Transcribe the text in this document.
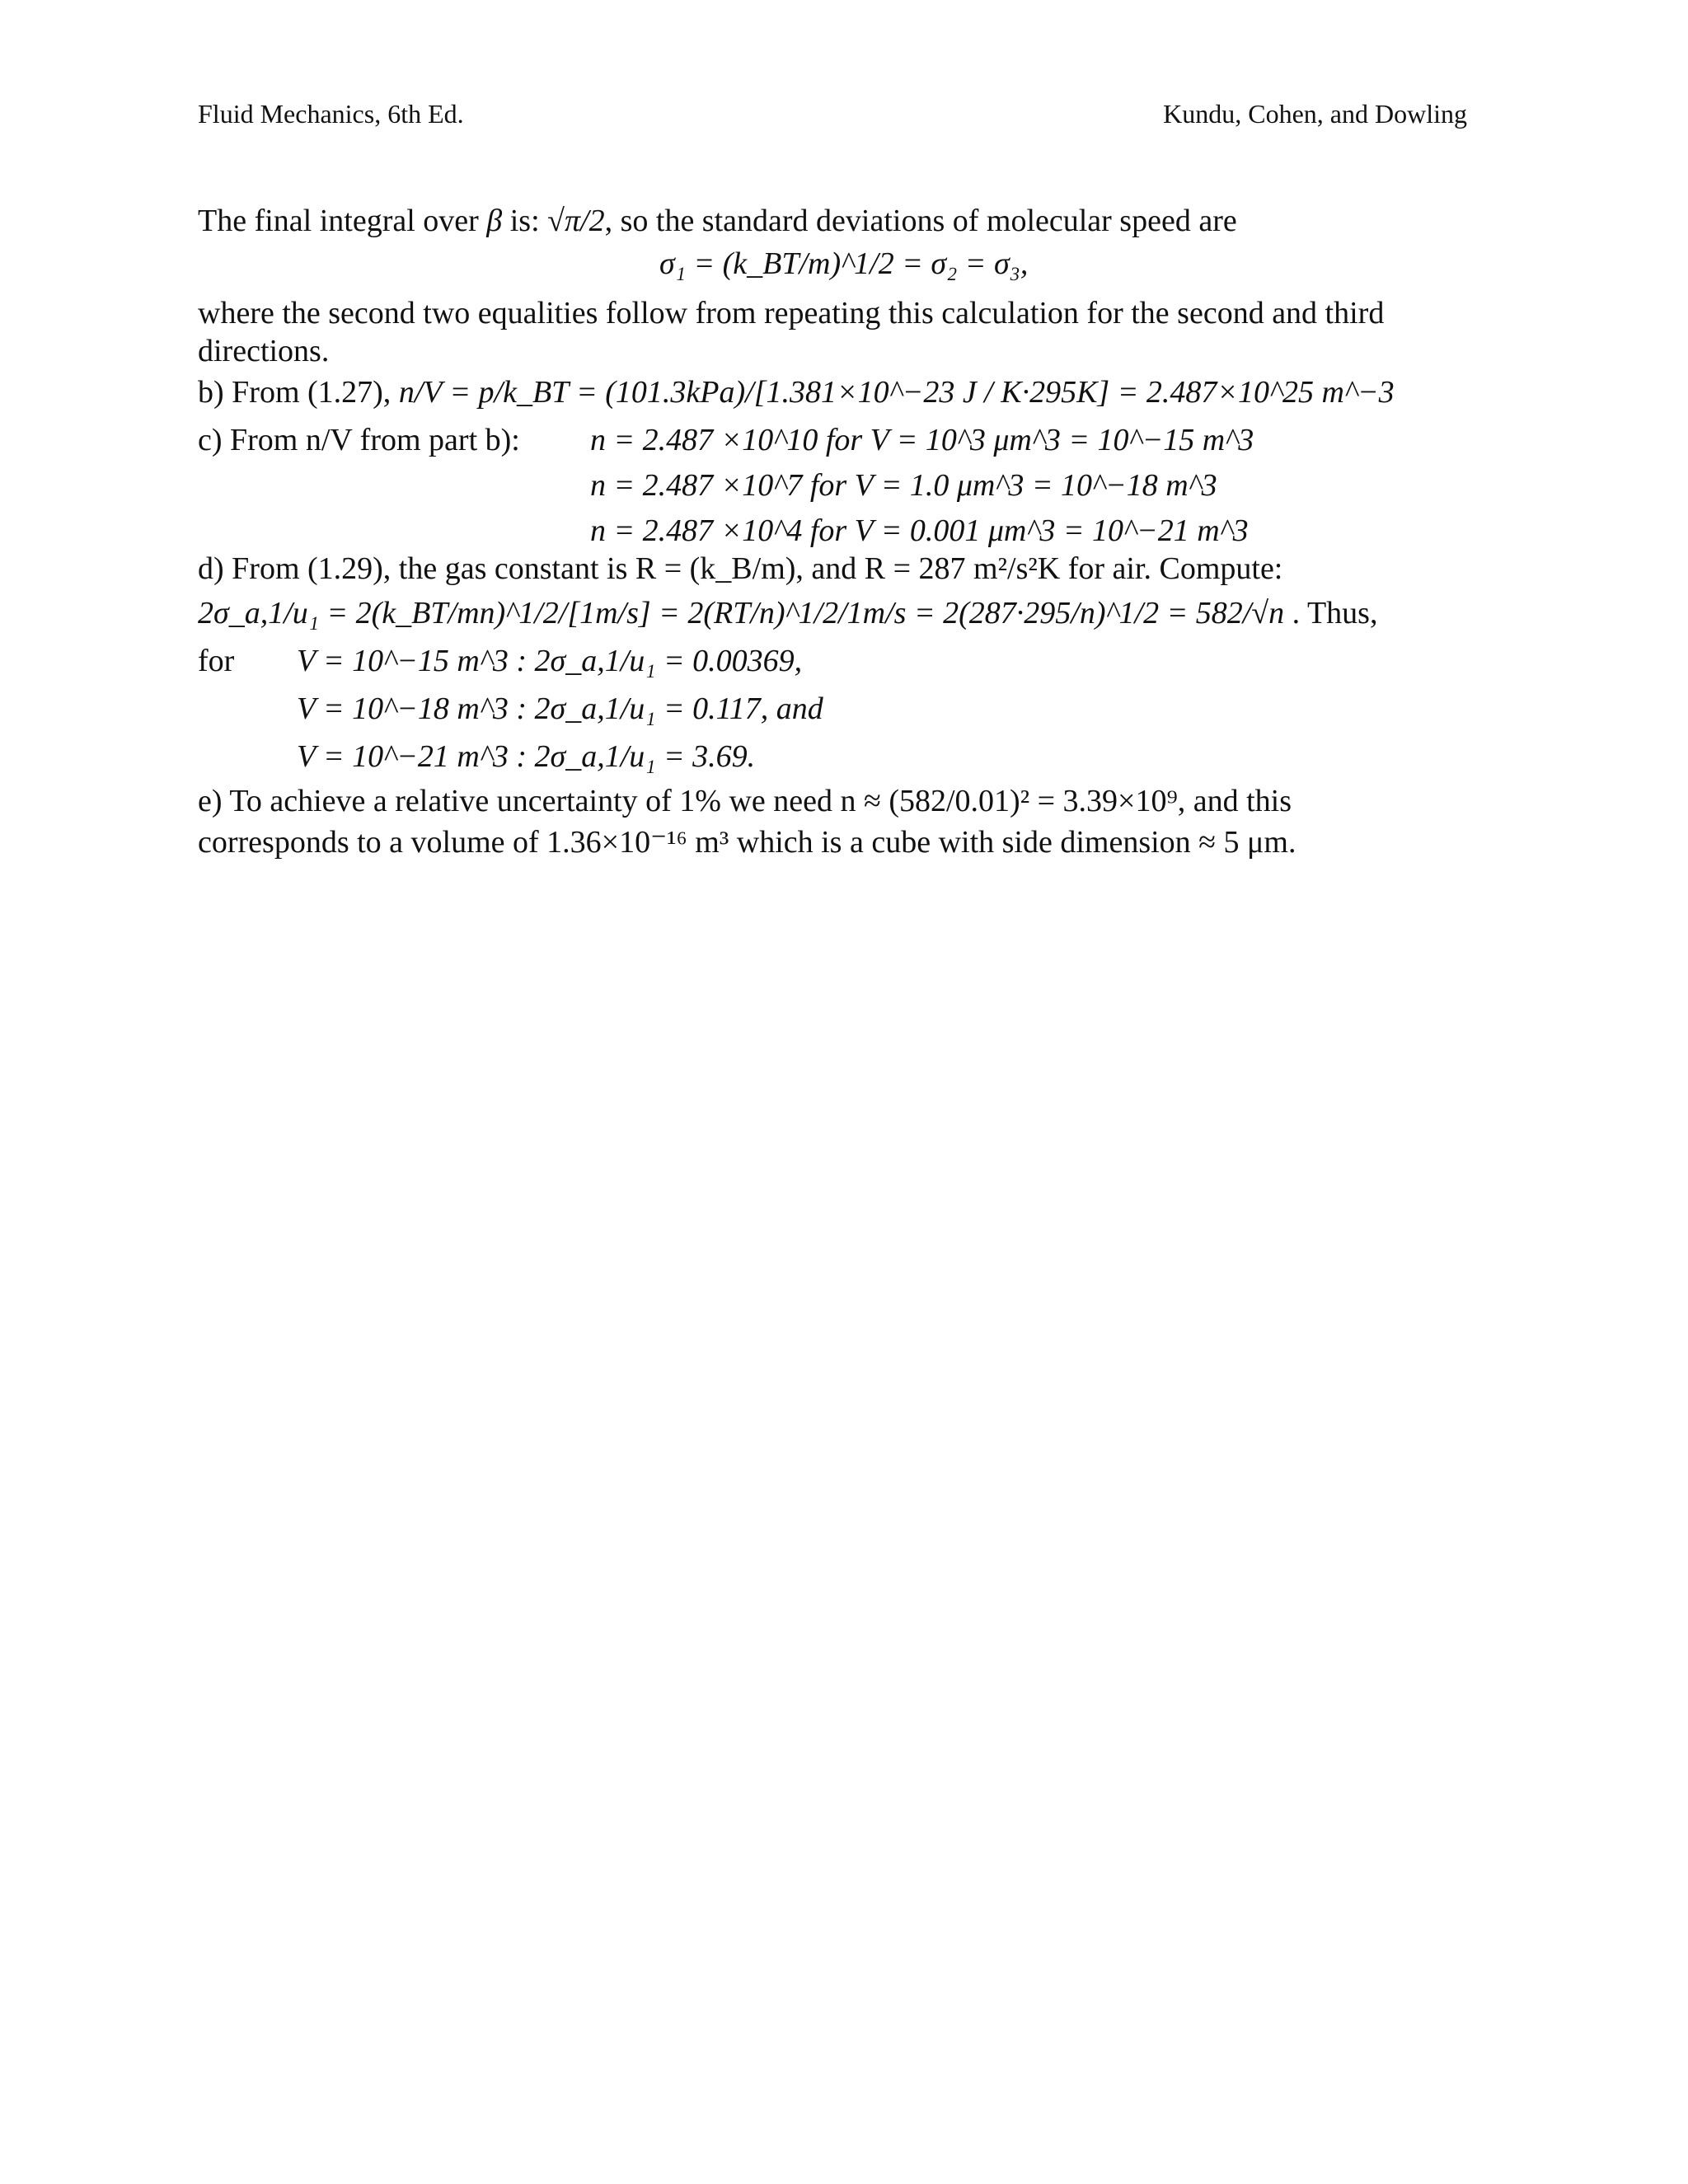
Fluid Mechanics, 6th Ed.	Kundu, Cohen, and Dowling
The final integral over β is: √π/2, so the standard deviations of molecular speed are
σ₁ = (k_BT/m)^1/2 = σ₂ = σ₃,
where the second two equalities follow from repeating this calculation for the second and third
directions.
b) From (1.27), n/V = p/k_BT = (101.3kPa)/[1.381×10^−23 J / K·295K] = 2.487×10^25 m^−3
c) From n/V from part b): n = 2.487 ×10^10 for V = 10^3 μm^3 = 10^−15 m^3
n = 2.487 ×10^7 for V = 1.0 μm^3 = 10^−18 m^3
n = 2.487 ×10^4 for V = 0.001 μm^3 = 10^−21 m^3
d) From (1.29), the gas constant is R = (k_B/m), and R = 287 m²/s²K for air. Compute:
2σ_a,1/u₁ = 2(k_BT/mn)^1/2/[1m/s] = 2(RT/n)^1/2/1m/s = 2(287·295/n)^1/2 = 582/√n . Thus,
for V = 10^−15 m^3 : 2σ_a,1/u₁ = 0.00369,
V = 10^−18 m^3 : 2σ_a,1/u₁ = 0.117, and
V = 10^−21 m^3 : 2σ_a,1/u₁ = 3.69.
e) To achieve a relative uncertainty of 1% we need n ≈ (582/0.01)² = 3.39×10⁹, and this
corresponds to a volume of 1.36×10⁻¹⁶ m³ which is a cube with side dimension ≈ 5 μm.
